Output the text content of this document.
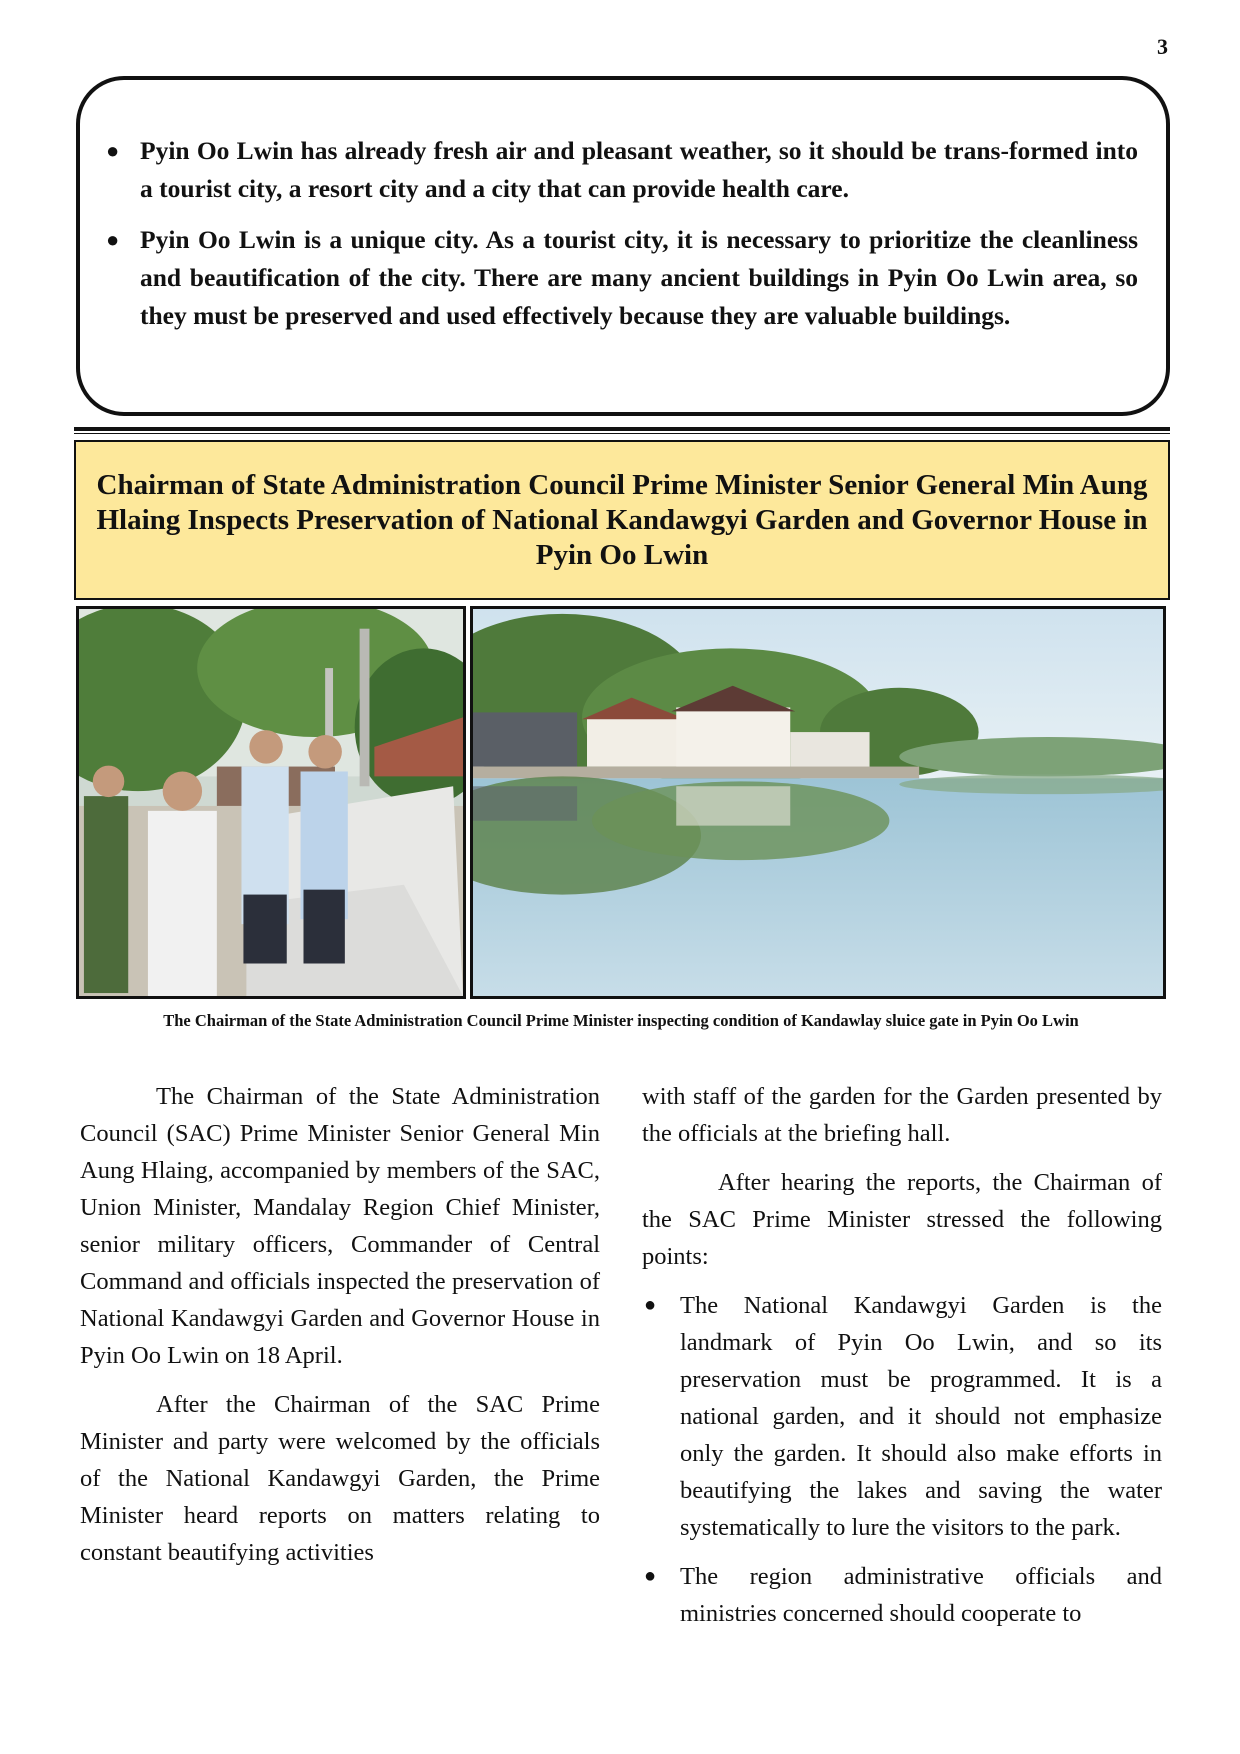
3
● Pyin Oo Lwin has already fresh air and pleasant weather, so it should be trans-formed into a tourist city, a resort city and a city that can provide health care.
● Pyin Oo Lwin is a unique city. As a tourist city, it is necessary to prioritize the cleanliness and beautification of the city. There are many ancient buildings in Pyin Oo Lwin area, so they must be preserved and used effectively because they are valuable buildings.
Chairman of State Administration Council Prime Minister Senior General Min Aung Hlaing Inspects Preservation of National Kandawgyi Garden and Governor House in Pyin Oo Lwin
The Chairman of the State Administration Council Prime Minister inspecting condition of Kandawlay sluice gate in Pyin Oo Lwin

The Chairman of the State Administration Council (SAC) Prime Minister Senior General Min Aung Hlaing, accompanied by members of the SAC, Union Minister, Mandalay Region Chief Minister, senior military officers, Commander of Central Command and officials inspected the preservation of National Kandawgyi Garden and Governor House in Pyin Oo Lwin on 18 April.

After the Chairman of the SAC Prime Minister and party were welcomed by the officials of the National Kandawgyi Garden, the Prime Minister heard reports on matters relating to constant beautifying activities

with staff of the garden for the Garden presented by the officials at the briefing hall.

After hearing the reports, the Chairman of the SAC Prime Minister stressed the following points:

● The National Kandawgyi Garden is the landmark of Pyin Oo Lwin, and so its preservation must be programmed. It is a national garden, and it should not emphasize only the garden. It should also make efforts in beautifying the lakes and saving the water systematically to lure the visitors to the park.
● The region administrative officials and ministries concerned should cooperate to
